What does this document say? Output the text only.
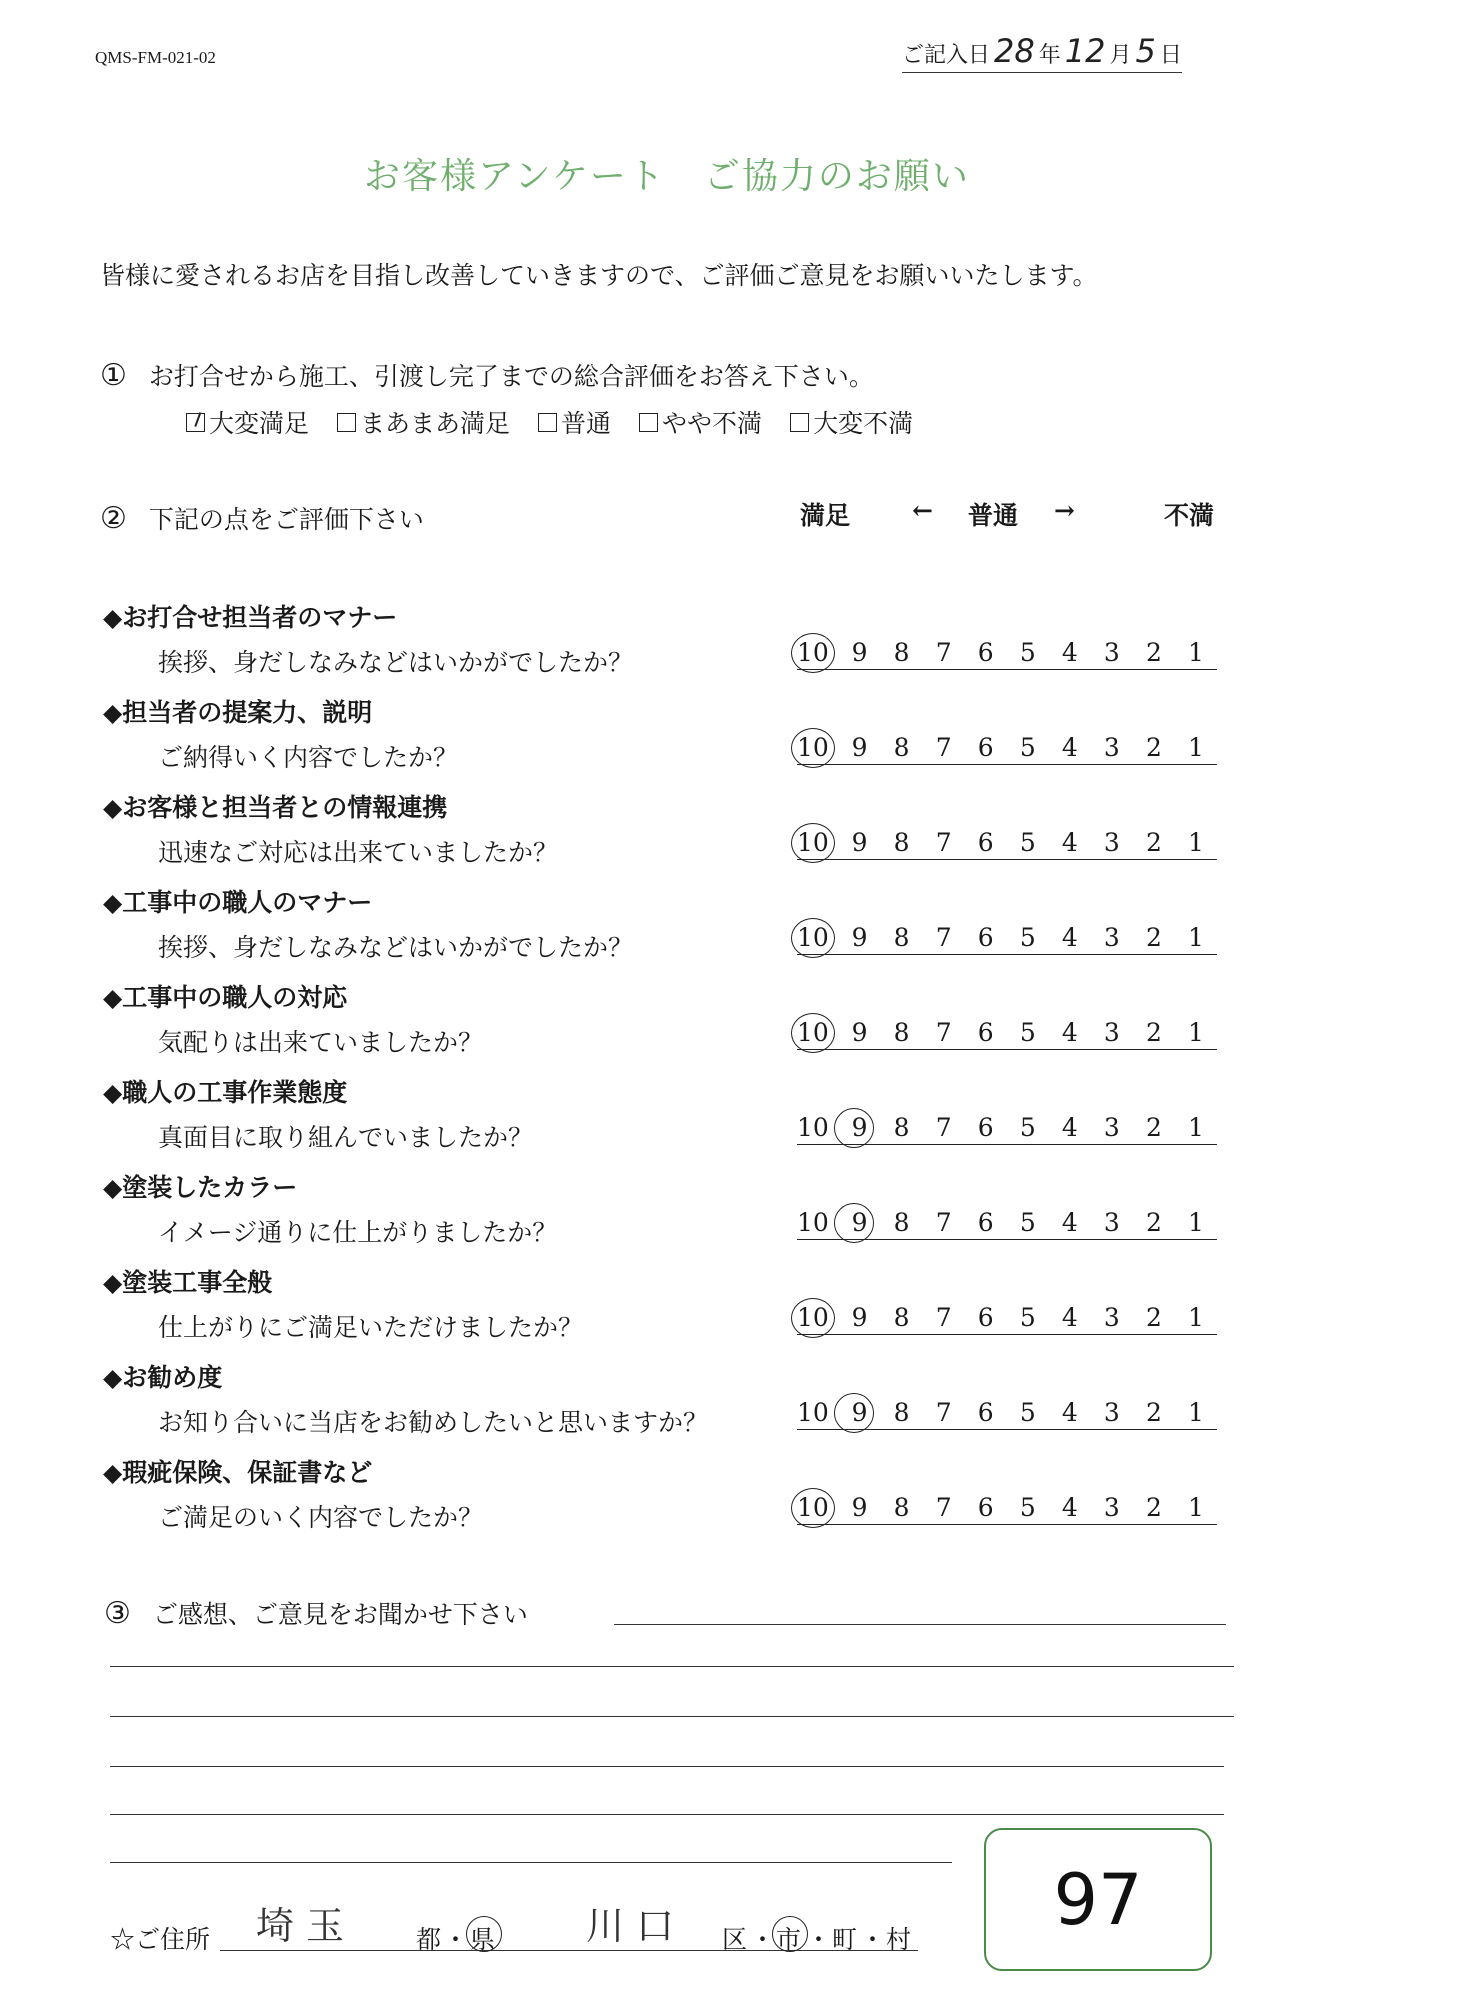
QMS-FM-021-02	ご記入日 28 年 12 月 5 日
お客様アンケート　ご協力のお願い
皆様に愛されるお店を目指し改善していきますので、ご評価ご意見をお願いいたします。
① お打合せから施工、引渡し完了までの総合評価をお答え下さい。
大変満足 まあまあ満足 普通 やや不満 大変不満
② 下記の点をご評価下さい	満足 ← 普通 →	不満
◆お打合せ担当者のマナー
挨拶、身だしなみなどはいかがでしたか？	10 9	8	7	6	5	4	3	2	1
◆担当者の提案力、説明
ご納得いく内容でしたか？	10 9	8	7	6	5	4	3	2	1
◆お客様と担当者との情報連携
迅速なご対応は出来ていましたか？	10 9	8	7	6	5	4	3	2	1
◆工事中の職人のマナー
挨拶、身だしなみなどはいかがでしたか？	10 9	8	7	6	5	4	3	2	1
◆工事中の職人の対応
気配りは出来ていましたか？	10 9	8	7	6	5	4	3	2	1
◆職人の工事作業態度
真面目に取り組んでいましたか？	10 9	8	7	6	5	4	3	2	1
◆塗装したカラー
イメージ通りに仕上がりましたか？	10 9	8	7	6	5	4	3	2	1
◆塗装工事全般
仕上がりにご満足いただけましたか？	10 9	8	7	6	5	4	3	2	1
◆お勧め度
お知り合いに当店をお勧めしたいと思いますか？	10 9	8	7	6	5	4	3	2	1
◆瑕疵保険、保証書など
ご満足のいく内容でしたか？	10 9	8	7	6	5	4	3	2	1
③ ご感想、ご意見をお聞かせ下さい
☆ご住所 埼玉 都 ・ 県 川口 区 ・ 市 ・ 町 ・ 村	97
